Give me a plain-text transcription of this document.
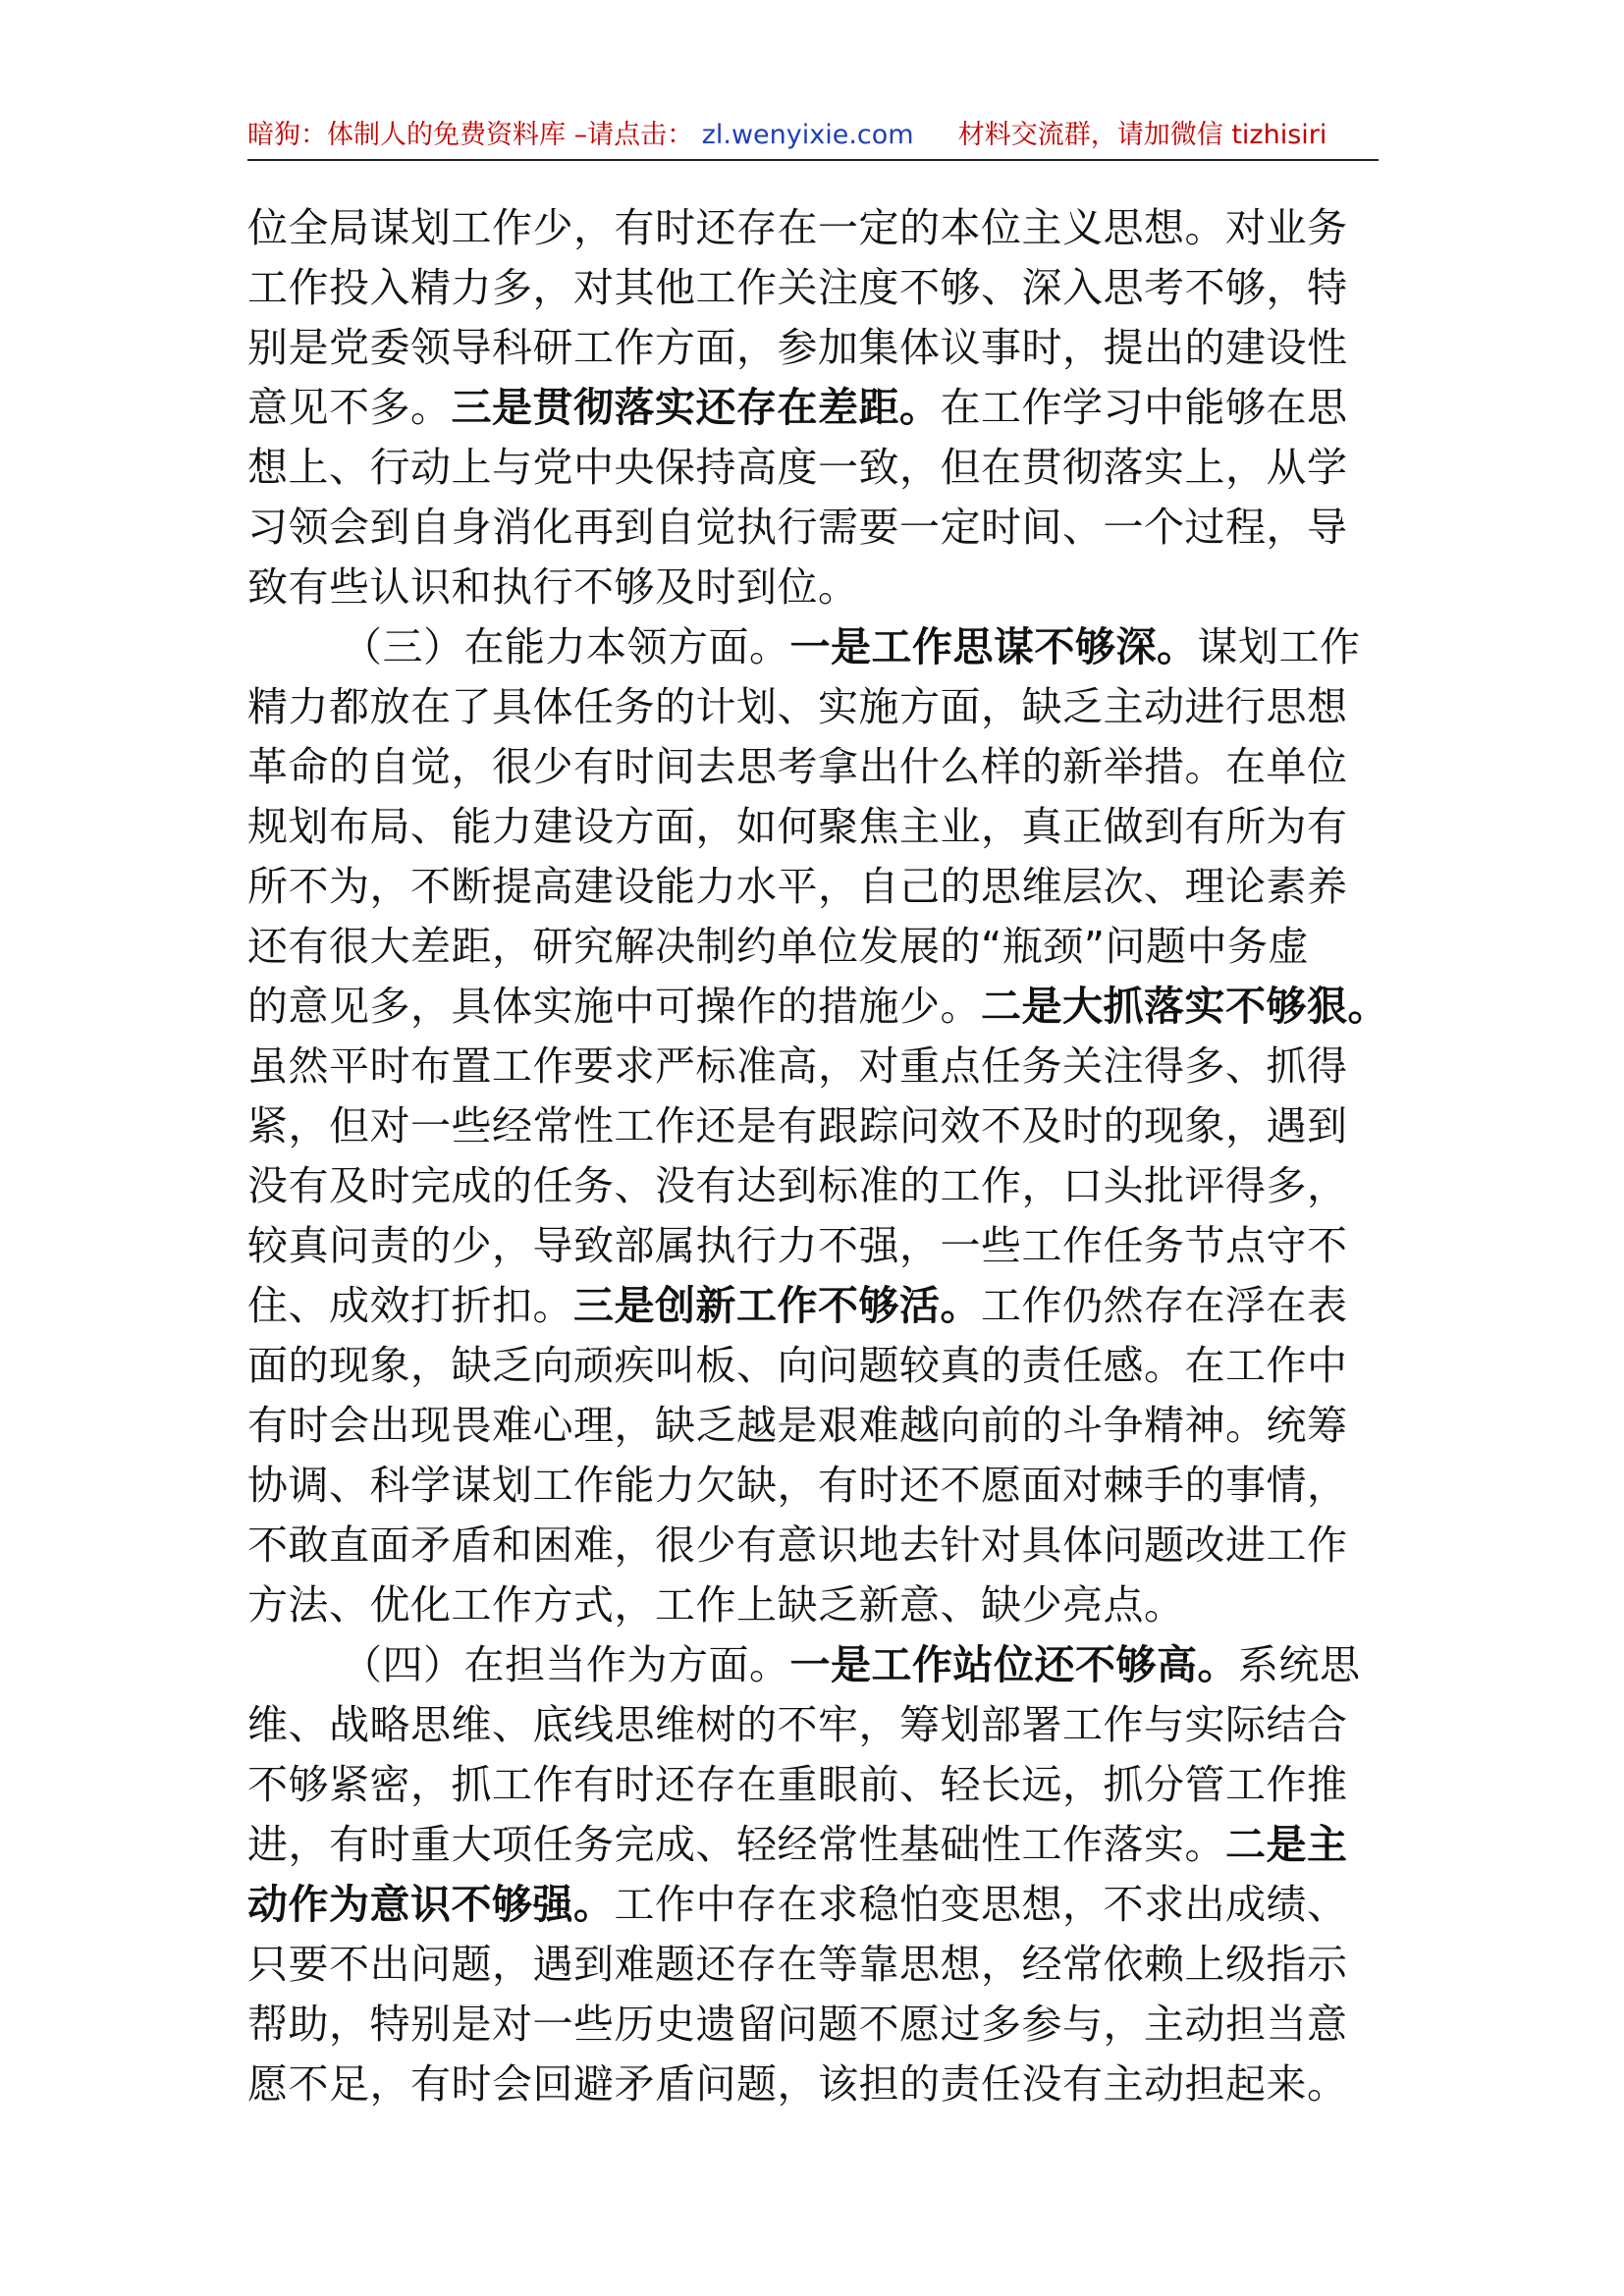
暗狗：体制人的免费资料库 –请点击： zl.wenyixie.com 材料交流群，请加微信 tizhisiri
位全局谋划工作少，有时还存在一定的本位主义思想。对业务
工作投入精力多，对其他工作关注度不够、深入思考不够，特
别是党委领导科研工作方面，参加集体议事时，提出的建设性
意见不多。三是贯彻落实还存在差距。在工作学习中能够在思
想上、行动上与党中央保持高度一致，但在贯彻落实上，从学
习领会到自身消化再到自觉执行需要一定时间、一个过程，导
致有些认识和执行不够及时到位。
（三）在能力本领方面。一是工作思谋不够深。谋划工作
精力都放在了具体任务的计划、实施方面，缺乏主动进行思想
革命的自觉，很少有时间去思考拿出什么样的新举措。在单位
规划布局、能力建设方面，如何聚焦主业，真正做到有所为有
所不为，不断提高建设能力水平，自己的思维层次、理论素养
还有很大差距，研究解决制约单位发展的“瓶颈”问题中务虚
的意见多，具体实施中可操作的措施少。二是大抓落实不够狠。
虽然平时布置工作要求严标准高，对重点任务关注得多、抓得
紧，但对一些经常性工作还是有跟踪问效不及时的现象，遇到
没有及时完成的任务、没有达到标准的工作，口头批评得多，
较真问责的少，导致部属执行力不强，一些工作任务节点守不
住、成效打折扣。三是创新工作不够活。工作仍然存在浮在表
面的现象，缺乏向顽疾叫板、向问题较真的责任感。在工作中
有时会出现畏难心理，缺乏越是艰难越向前的斗争精神。统筹
协调、科学谋划工作能力欠缺，有时还不愿面对棘手的事情，
不敢直面矛盾和困难，很少有意识地去针对具体问题改进工作
方法、优化工作方式，工作上缺乏新意、缺少亮点。
（四）在担当作为方面。一是工作站位还不够高。系统思
维、战略思维、底线思维树的不牢，筹划部署工作与实际结合
不够紧密，抓工作有时还存在重眼前、轻长远，抓分管工作推
进，有时重大项任务完成、轻经常性基础性工作落实。二是主
动作为意识不够强。工作中存在求稳怕变思想，不求出成绩、
只要不出问题，遇到难题还存在等靠思想，经常依赖上级指示
帮助，特别是对一些历史遗留问题不愿过多参与，主动担当意
愿不足，有时会回避矛盾问题，该担的责任没有主动担起来。
